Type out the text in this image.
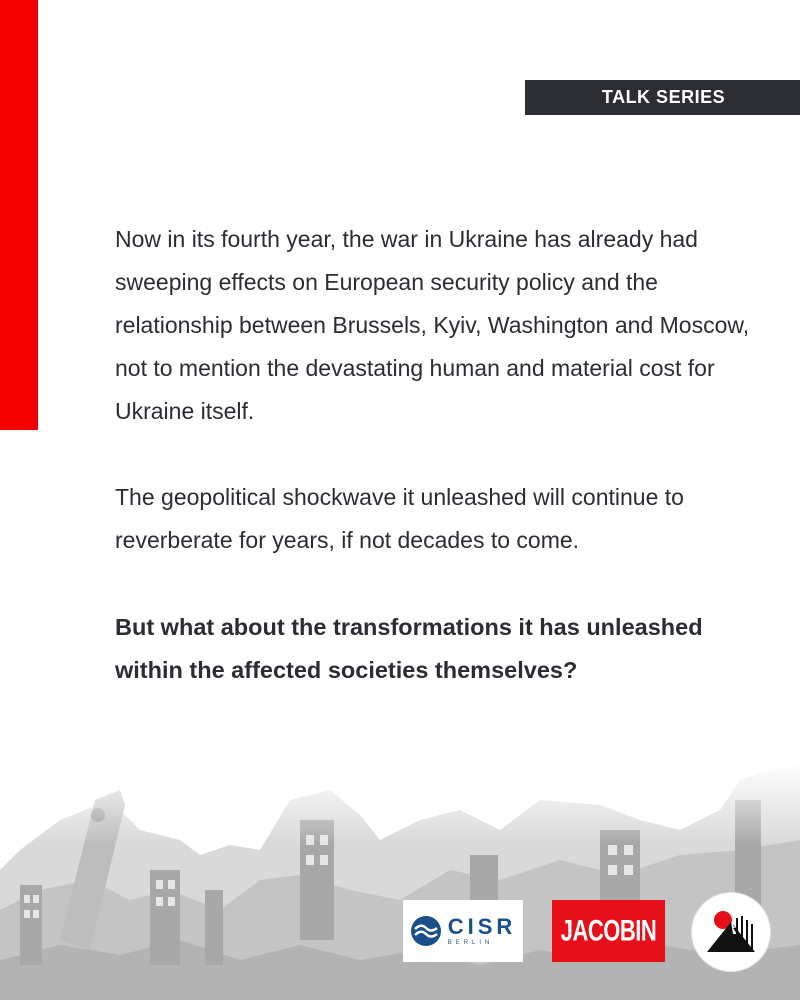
TALK SERIES

Now in its fourth year, the war in Ukraine has already had sweeping effects on European security policy and the relationship between Brussels, Kyiv, Washington and Moscow, not to mention the devastating human and material cost for Ukraine itself.

The geopolitical shockwave it unleashed will continue to reverberate for years, if not decades to come.

But what about the transformations it has unleashed within the affected societies themselves?

CISR
BERLIN	JACOBIN
